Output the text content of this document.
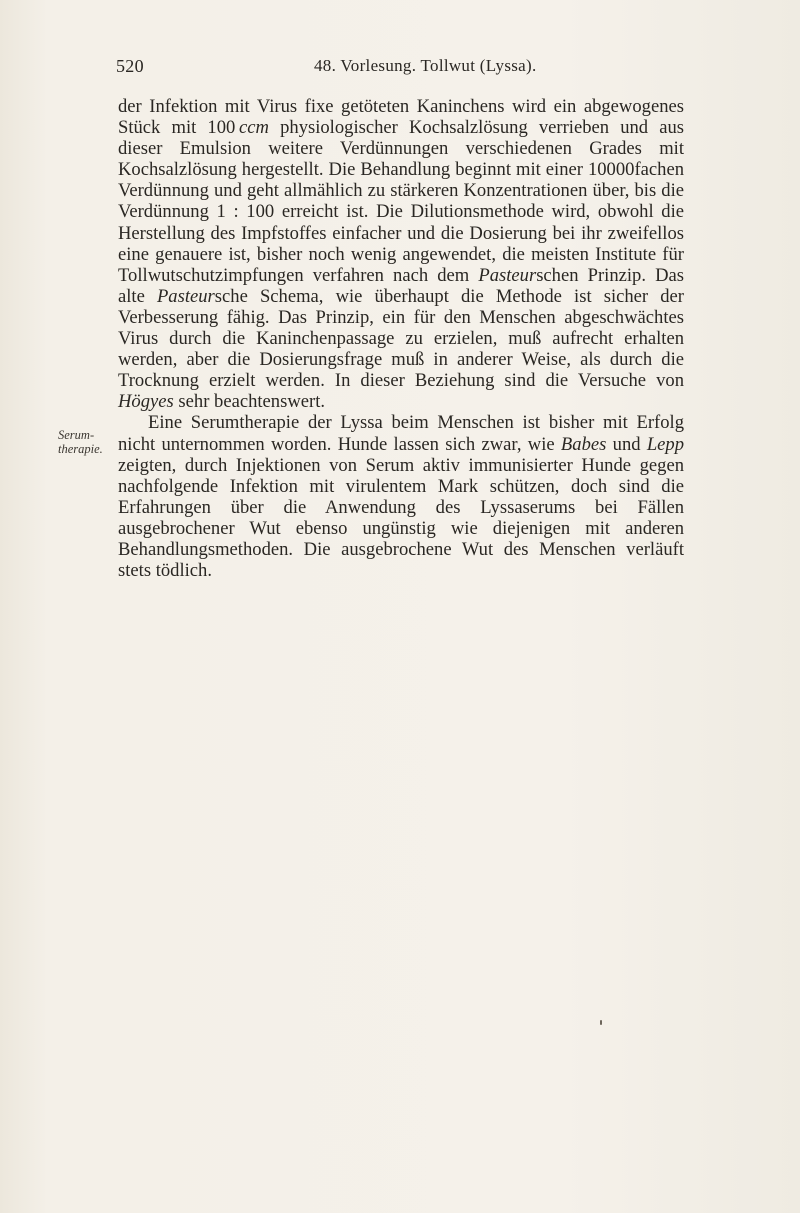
520	48. Vorlesung. Tollwut (Lyssa).
Serum-
therapie.

der Infektion mit Virus fixe getöteten Kaninchens wird ein abgewogenes Stück mit 100  ccm physiologischer Kochsalzlösung verrieben und aus dieser Emulsion weitere Verdünnungen verschiedenen Grades mit Kochsalzlösung hergestellt. Die Behandlung beginnt mit einer 10000fachen Verdünnung und geht allmählich zu stärkeren Konzentrationen über, bis die Verdünnung 1 : 100 erreicht ist. Die Dilutionsmethode wird, obwohl die Herstellung des Impfstoffes einfacher und die Dosierung bei ihr zweifellos eine genauere ist, bisher noch wenig angewendet, die meisten Institute für Tollwutschutzimpfungen verfahren nach dem Pasteurschen Prinzip. Das alte Pasteursche Schema, wie überhaupt die Methode ist sicher der Verbesserung fähig. Das Prinzip, ein für den Menschen abgeschwächtes Virus durch die Kaninchenpassage zu erzielen, muß aufrecht erhalten werden, aber die Dosierungsfrage muß in anderer Weise, als durch die Trocknung erzielt werden. In dieser Beziehung sind die Versuche von Högyes sehr beachtenswert.

Eine Serumtherapie der Lyssa beim Menschen ist bisher mit Erfolg nicht unternommen worden. Hunde lassen sich zwar, wie Babes und Lepp zeigten, durch Injektionen von Serum aktiv immunisierter Hunde gegen nachfolgende Infektion mit virulentem Mark schützen, doch sind die Erfahrungen über die Anwendung des Lyssaserums bei Fällen ausgebrochener Wut ebenso ungünstig wie diejenigen mit anderen Behandlungsmethoden. Die ausgebrochene Wut des Menschen verläuft stets tödlich.
